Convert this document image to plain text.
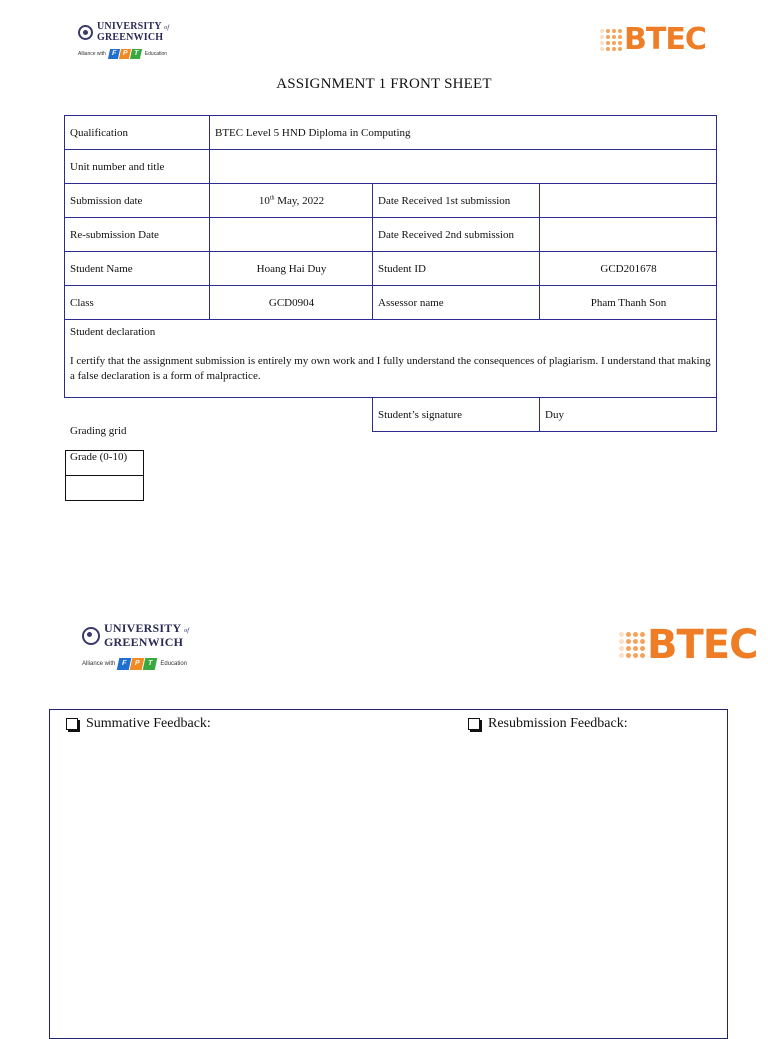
UNIVERSITY of
GREENWICH
Alliance with F P T	Education	BTEC
ASSIGNMENT 1 FRONT SHEET
Qualification	BTEC Level 5 HND Diploma in Computing		
Unit number and title			
Submission date	10th May, 2022	Date Received 1st submission	
Re-submission Date		Date Received 2nd submission	
Student Name	Hoang Hai Duy	Student ID	GCD201678
Class	GCD0904	Assessor name	Pham Thanh Son

Student declaration
I certify that the assignment submission is entirely my own work and I fully understand the consequences of plagiarism. I understand that making a false declaration is a form of malpractice.			
		Student’s signature	Duy
Grading grid
Grade (0-10)

UNIVERSITY of
GREENWICH
Alliance with F	P	T	Education	BTEC
Summative Feedback:	Resubmission Feedback:
